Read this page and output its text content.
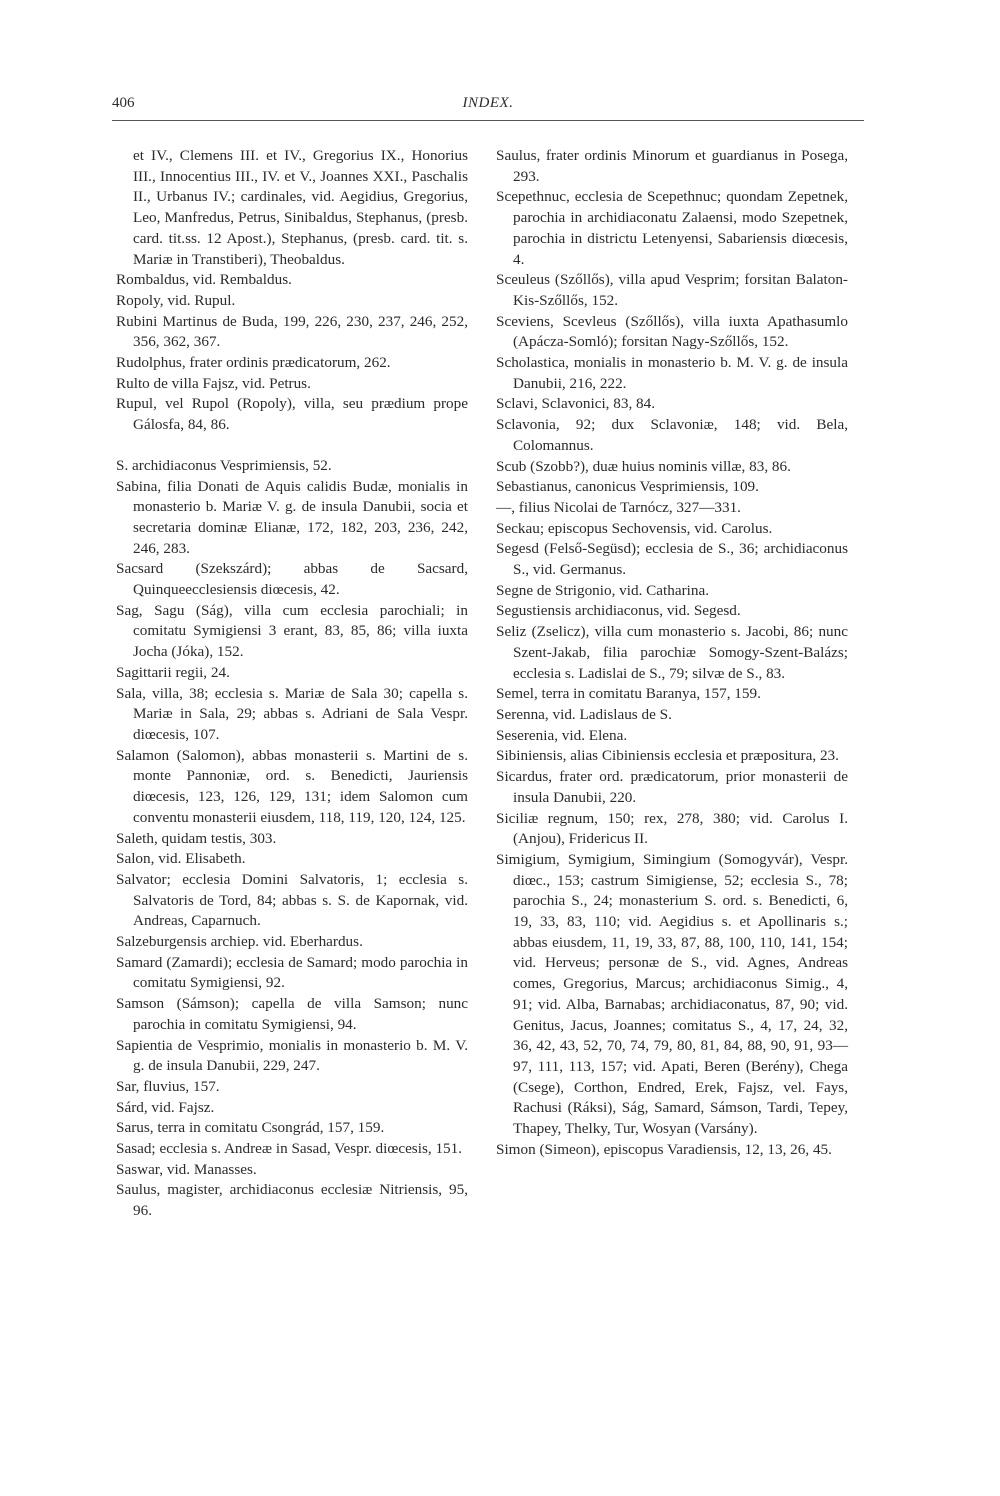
406	INDEX.
et IV., Clemens III. et IV., Gregorius IX., Honorius III., Innocentius III., IV. et V., Joannes XXI., Paschalis II., Urbanus IV.; cardinales, vid. Aegidius, Gregorius, Leo, Manfredus, Petrus, Sinibaldus, Stephanus, (presb. card. tit.ss. 12 Apost.), Stephanus, (presb. card. tit. s. Mariæ in Transtiberi), Theobaldus.
Rombaldus, vid. Rembaldus.
Ropoly, vid. Rupul.
Rubini Martinus de Buda, 199, 226, 230, 237, 246, 252, 356, 362, 367.
Rudolphus, frater ordinis prædicatorum, 262.
Rulto de villa Fajsz, vid. Petrus.
Rupul, vel Rupol (Ropoly), villa, seu prædium prope Gálosfa, 84, 86.
S. archidiaconus Vesprimiensis, 52.
Sabina, filia Donati de Aquis calidis Budæ, monialis in monasterio b. Mariæ V. g. de insula Danubii, socia et secretaria dominæ Elianæ, 172, 182, 203, 236, 242, 246, 283.
Sacsard (Szekszárd); abbas de Sacsard, Quinqueecclesiensis diœcesis, 42.
Sag, Sagu (Ság), villa cum ecclesia parochiali; in comitatu Symigiensi 3 erant, 83, 85, 86; villa iuxta Jocha (Jóka), 152.
Sagittarii regii, 24.
Sala, villa, 38; ecclesia s. Mariæ de Sala 30; capella s. Mariæ in Sala, 29; abbas s. Adriani de Sala Vespr. diœcesis, 107.
Salamon (Salomon), abbas monasterii s. Martini de s. monte Pannoniæ, ord. s. Benedicti, Jauriensis diœcesis, 123, 126, 129, 131; idem Salomon cum conventu monasterii eiusdem, 118, 119, 120, 124, 125.
Saleth, quidam testis, 303.
Salon, vid. Elisabeth.
Salvator; ecclesia Domini Salvatoris, 1; ecclesia s. Salvatoris de Tord, 84; abbas s. S. de Kapornak, vid. Andreas, Caparnuch.
Salzeburgensis archiep. vid. Eberhardus.
Samard (Zamardi); ecclesia de Samard; modo parochia in comitatu Symigiensi, 92.
Samson (Sámson); capella de villa Samson; nunc parochia in comitatu Symigiensi, 94.
Sapientia de Vesprimio, monialis in monasterio b. M. V. g. de insula Danubii, 229, 247.
Sar, fluvius, 157.
Sárd, vid. Fajsz.
Sarus, terra in comitatu Csongrád, 157, 159.
Sasad; ecclesia s. Andreæ in Sasad, Vespr. diœcesis, 151.
Saswar, vid. Manasses.
Saulus, magister, archidiaconus ecclesiæ Nitriensis, 95, 96.
Saulus, frater ordinis Minorum et guardianus in Posega, 293.
Scepethnuc, ecclesia de Scepethnuc; quondam Zepetnek, parochia in archidiaconatu Zalaensi, modo Szepetnek, parochia in districtu Letenyensi, Sabariensis diœcesis, 4.
Sceuleus (Szőllős), villa apud Vesprim; forsitan Balaton-Kis-Szőllős, 152.
Sceviens, Scevleus (Szőllős), villa iuxta Apathasumlo (Apácza-Somló); forsitan Nagy-Szőllős, 152.
Scholastica, monialis in monasterio b. M. V. g. de insula Danubii, 216, 222.
Sclavi, Sclavonici, 83, 84.
Sclavonia, 92; dux Sclavoniæ, 148; vid. Bela, Colomannus.
Scub (Szobb?), duæ huius nominis villæ, 83, 86.
Sebastianus, canonicus Vesprimiensis, 109.
—, filius Nicolai de Tarnócz, 327—331.
Seckau; episcopus Sechovensis, vid. Carolus.
Segesd (Felső-Següsd); ecclesia de S., 36; archidiaconus S., vid. Germanus.
Segne de Strigonio, vid. Catharina.
Segustiensis archidiaconus, vid. Segesd.
Seliz (Zselicz), villa cum monasterio s. Jacobi, 86; nunc Szent-Jakab, filia parochiæ Somogy-Szent-Balázs; ecclesia s. Ladislai de S., 79; silvæ de S., 83.
Semel, terra in comitatu Baranya, 157, 159.
Serenna, vid. Ladislaus de S.
Seserenia, vid. Elena.
Sibiniensis, alias Cibiniensis ecclesia et præpositura, 23.
Sicardus, frater ord. prædicatorum, prior monasterii de insula Danubii, 220.
Siciliæ regnum, 150; rex, 278, 380; vid. Carolus I. (Anjou), Fridericus II.
Simigium, Symigium, Simingium (Somogyvár), Vespr. diœc., 153; castrum Simigiense, 52; ecclesia S., 78; parochia S., 24; monasterium S. ord. s. Benedicti, 6, 19, 33, 83, 110; vid. Aegidius s. et Apollinaris s.; abbas eiusdem, 11, 19, 33, 87, 88, 100, 110, 141, 154; vid. Herveus; personæ de S., vid. Agnes, Andreas comes, Gregorius, Marcus; archidiaconus Simig., 4, 91; vid. Alba, Barnabas; archidiaconatus, 87, 90; vid. Genitus, Jacus, Joannes; comitatus S., 4, 17, 24, 32, 36, 42, 43, 52, 70, 74, 79, 80, 81, 84, 88, 90, 91, 93—97, 111, 113, 157; vid. Apati, Beren (Berény), Chega (Csege), Corthon, Endred, Erek, Fajsz, vel. Fays, Rachusi (Ráksi), Ság, Samard, Sámson, Tardi, Tepey, Thapey, Thelky, Tur, Wosyan (Varsány).
Simon (Simeon), episcopus Varadiensis, 12, 13, 26, 45.
